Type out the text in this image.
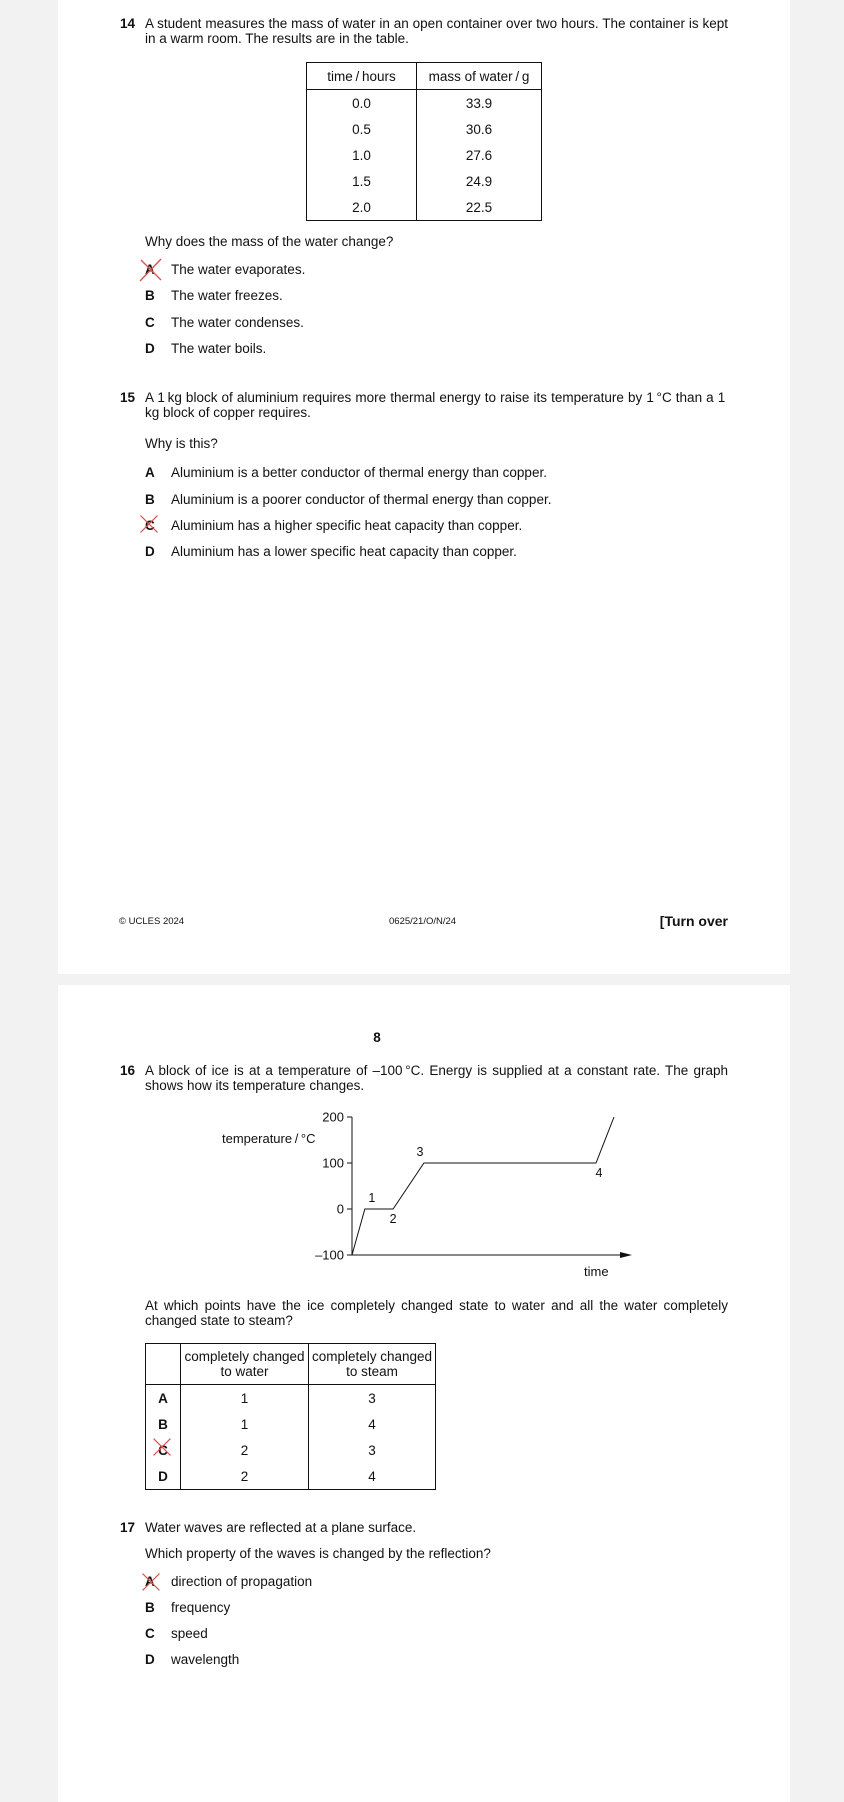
14 A student measures the mass of water in an open container over two hours. The container is kept in a warm room. The results are in the table.
time / hours	mass of water / g
0.0	33.9
0.5	30.6
1.0	27.6
1.5	24.9
2.0	22.5
Why does the mass of the water change?
A The water evaporates.
B The water freezes.
C The water condenses.
D The water boils.
15 A 1 kg block of aluminium requires more thermal energy to raise its temperature by 1 °C than a 1 kg block of copper requires.
Why is this?
A Aluminium is a better conductor of thermal energy than copper.
B Aluminium is a poorer conductor of thermal energy than copper.
C Aluminium has a higher specific heat capacity than copper.
D Aluminium has a lower specific heat capacity than copper.
© UCLES 2024	0625/21/O/N/24	[Turn over
8
16 A block of ice is at a temperature of –100 °C. Energy is supplied at a constant rate. The graph shows how its temperature changes.
temperature / °C
time
200
100
0
–100
1
2
3
4
At which points have the ice completely changed state to water and all the water completely changed state to steam?
	completely changed to water	completely changed to steam
A	1	3
B	1	4
C	2	3
D	2	4
17 Water waves are reflected at a plane surface.
Which property of the waves is changed by the reflection?
A direction of propagation
B frequency
C speed
D wavelength
